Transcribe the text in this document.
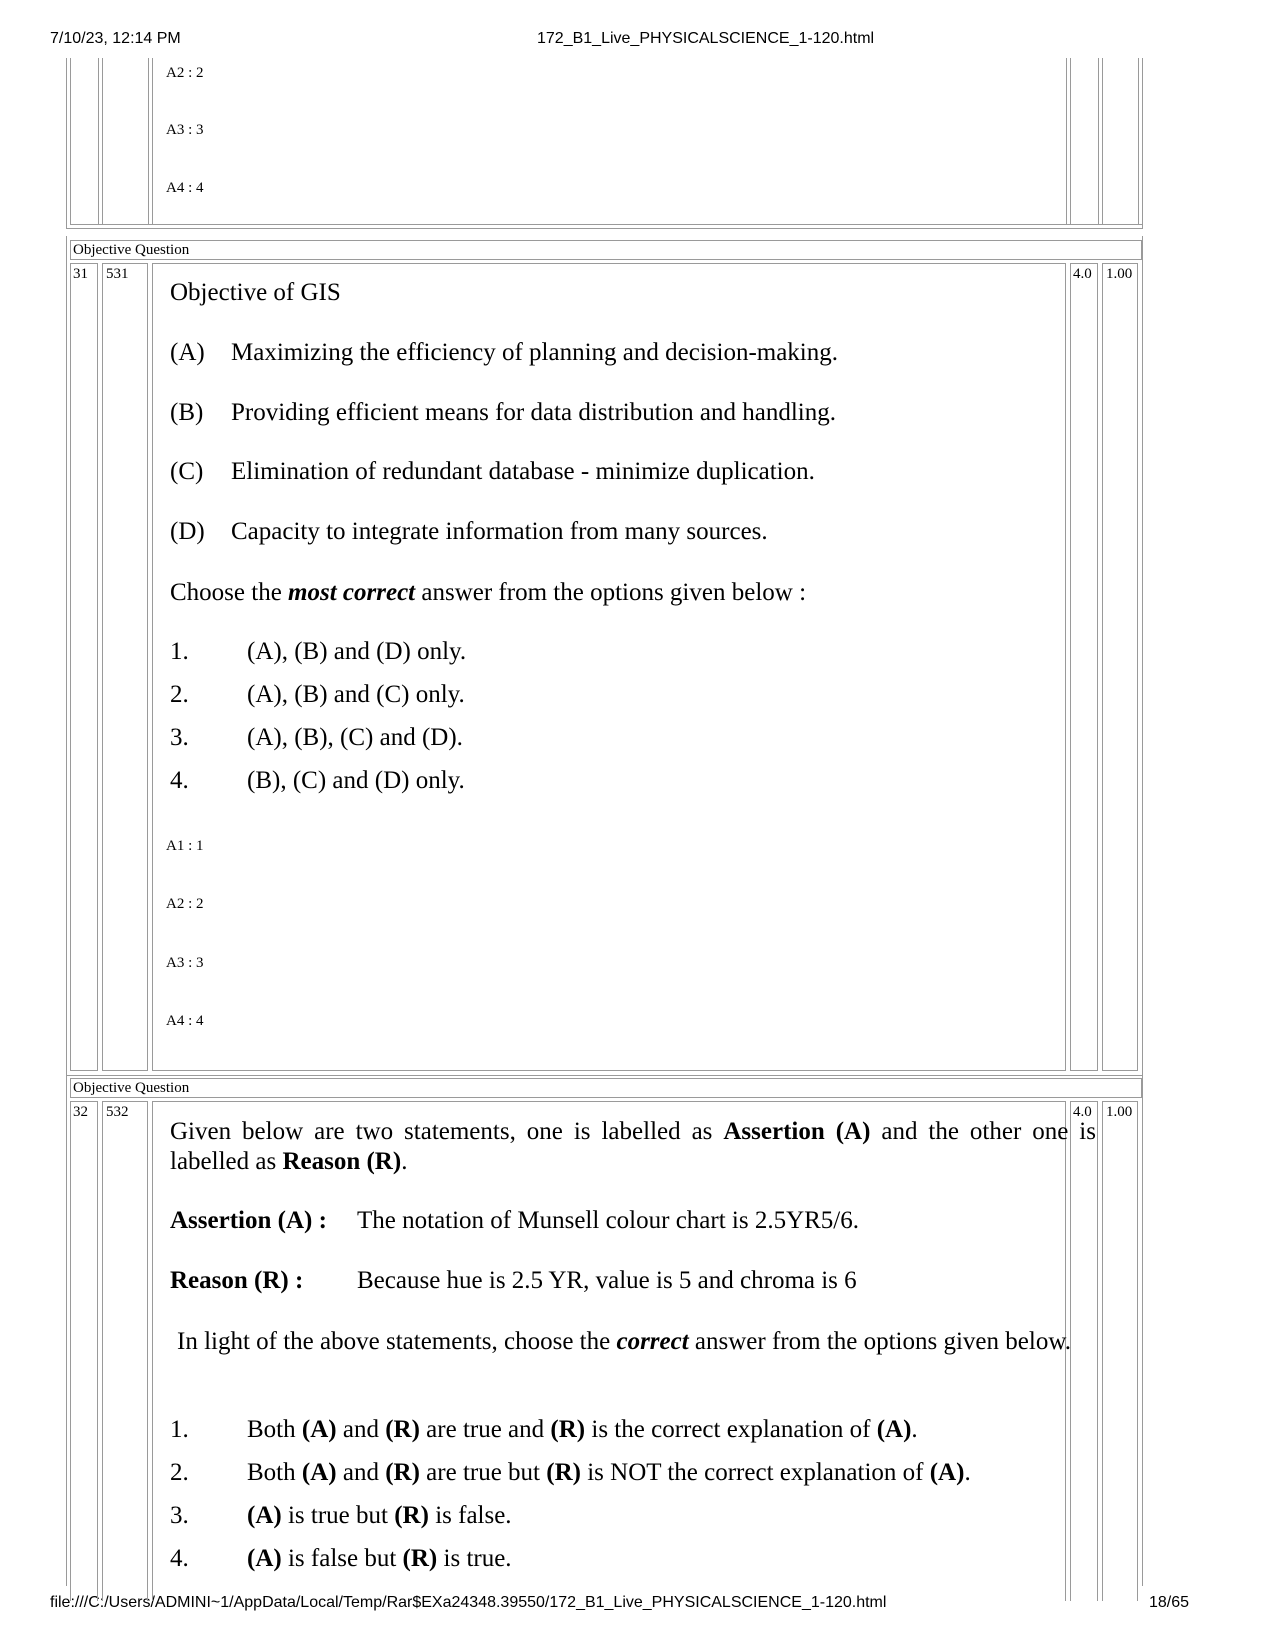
7/10/23, 12:14 PM	172_B1_Live_PHYSICALSCIENCE_1-120.html
file:///C:/Users/ADMINI~1/AppData/Local/Temp/Rar$EXa24348.39550/172_B1_Live_PHYSICALSCIENCE_1-120.html	18/65
A2 : 2
A3 : 3
A4 : 4
Objective Question
31 531	4.0 1.00
Objective of GIS
(A) Maximizing the efficiency of planning and decision-making.
(B) Providing efficient means for data distribution and handling.
(C) Elimination of redundant database - minimize duplication.
(D) Capacity to integrate information from many sources.
Choose the most correct answer from the options given below :
1. (A), (B) and (D) only.
2. (A), (B) and (C) only.
3. (A), (B), (C) and (D).
4. (B), (C) and (D) only.
A1 : 1
A2 : 2
A3 : 3
A4 : 4
Objective Question
32 532	4.0 1.00
Given below are two statements, one is labelled as Assertion (A) and the other one is labelled as Reason (R).
Assertion (A) : The notation of Munsell colour chart is 2.5YR5/6.
Reason (R) : Because hue is 2.5 YR, value is 5 and chroma is 6
In light of the above statements, choose the correct answer from the options given below.
1. Both (A) and (R) are true and (R) is the correct explanation of (A).
2. Both (A) and (R) are true but (R) is NOT the correct explanation of (A).
3. (A) is true but (R) is false.
4. (A) is false but (R) is true.
